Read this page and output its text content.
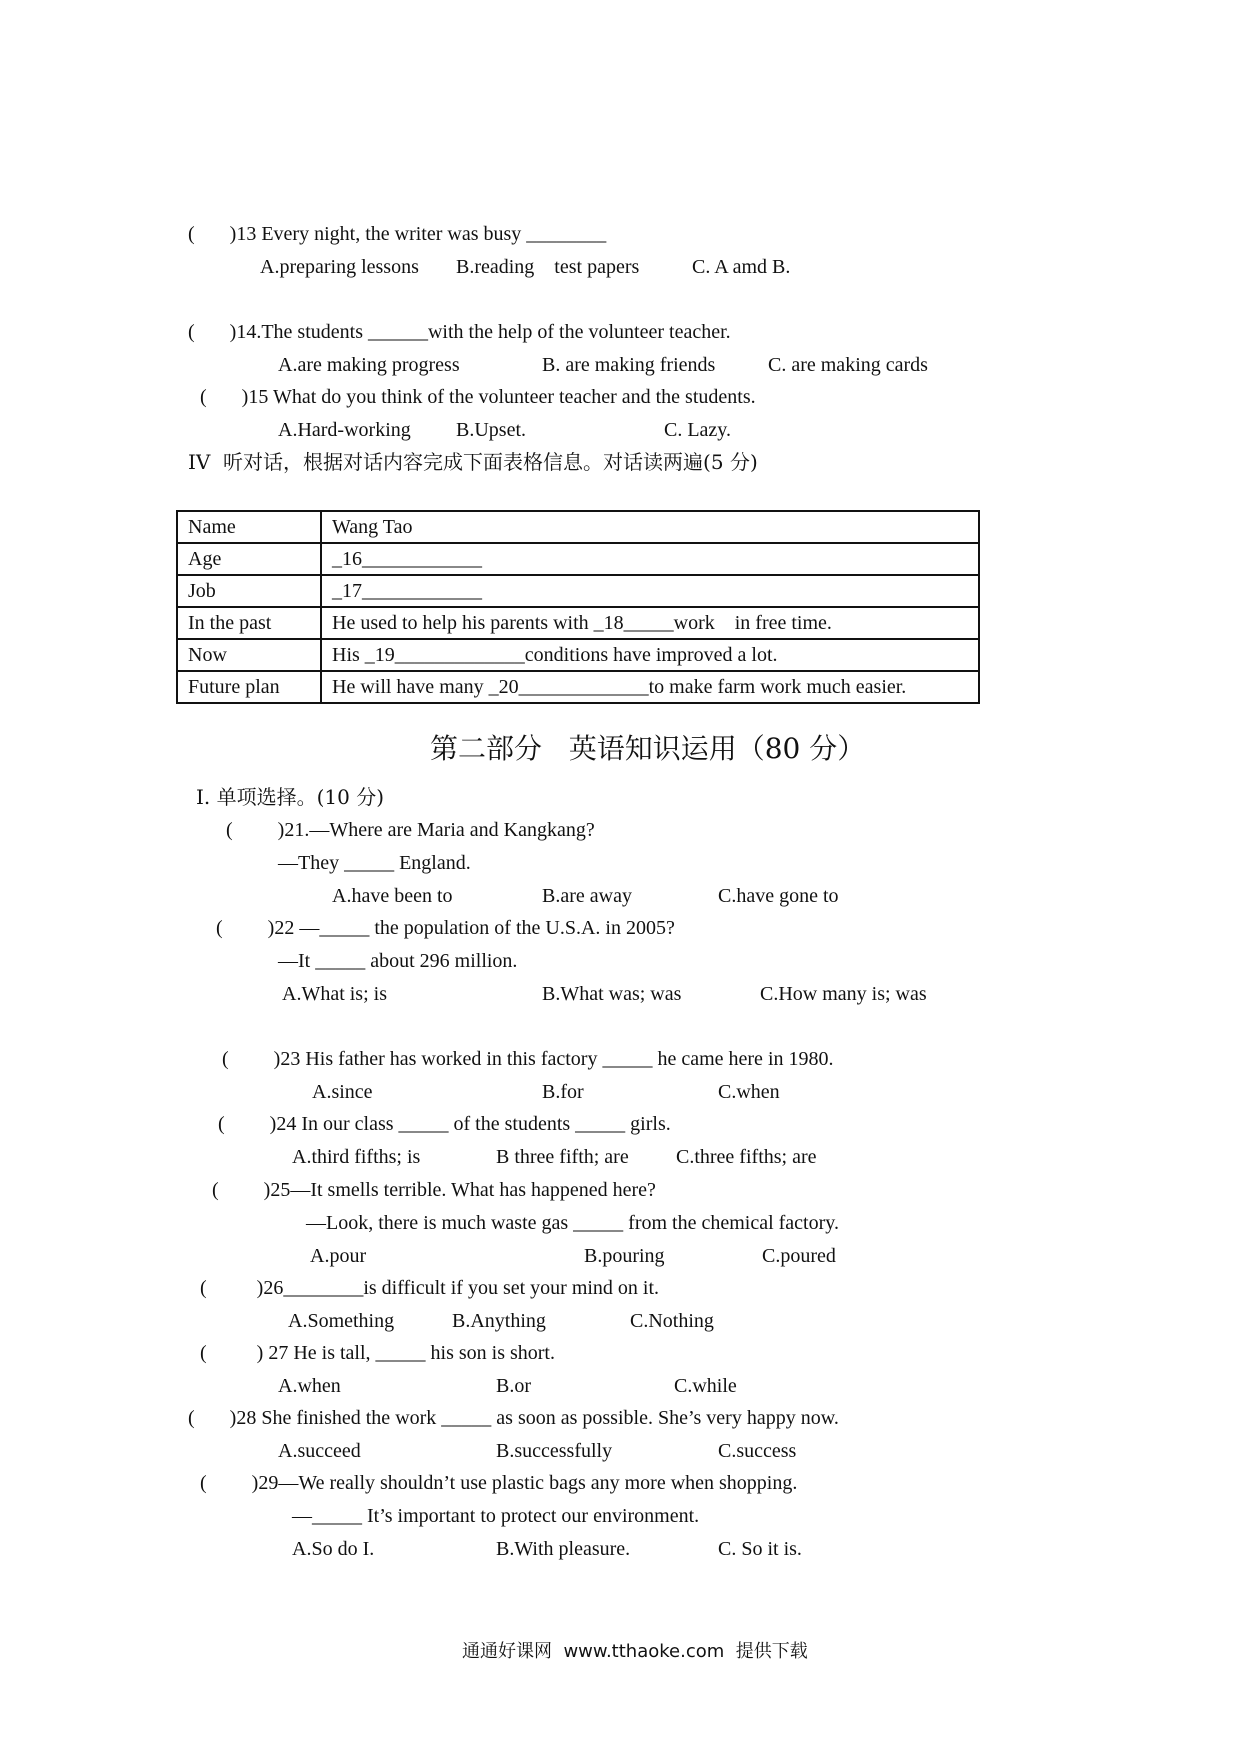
(       )13 Every night, the writer was busy ________
A.preparing lessons B.reading    test papers	C. A amd B.
(       )14.The students ______with the help of the volunteer teacher.
A.are making progress	B. are making friends	C. are making cards
(       )15 What do you think of the volunteer teacher and the students.
A.Hard-working B.Upset.	C. Lazy.
IV  听对话，根据对话内容完成下面表格信息。对话读两遍(5 分)
Name	Wang Tao
Age	_16____________
Job	_17____________
In the past	He used to help his parents with _18_____work    in free time.
Now	His _19_____________conditions have improved a lot.
Future plan	He will have many _20_____________to make farm work much easier.
第二部分   英语知识运用（80 分）
Ⅰ. 单项选择。(10 分)
(         )21.—Where are Maria and Kangkang?
—They _____ England.
A.have been to	B.are away	C.have gone to
(         )22 —_____ the population of the U.S.A. in 2005?
—It _____ about 296 million.
A.What is; is	B.What was; was	C.How many is; was
(         )23 His father has worked in this factory _____ he came here in 1980.
A.since	B.for	C.when
(         )24 In our class _____ of the students _____ girls.
A.third fifths; is	B three fifth; are C.three fifths; are
(         )25—It smells terrible. What has happened here?
—Look, there is much waste gas _____ from the chemical factory.
A.pour	B.pouring	C.poured
(          )26________is difficult if you set your mind on it.
A.Something	B.Anything	C.Nothing
(          ) 27 He is tall, _____ his son is short.
A.when	B.or	C.while
(       )28 She finished the work _____ as soon as possible. She’s very happy now.
A.succeed	B.successfully	C.success
(         )29—We really shouldn’t use plastic bags any more when shopping.
—_____ It’s important to protect our environment.
A.So do I.	B.With pleasure.	C. So it is.
通通好课网  www.tthaoke.com  提供下载
